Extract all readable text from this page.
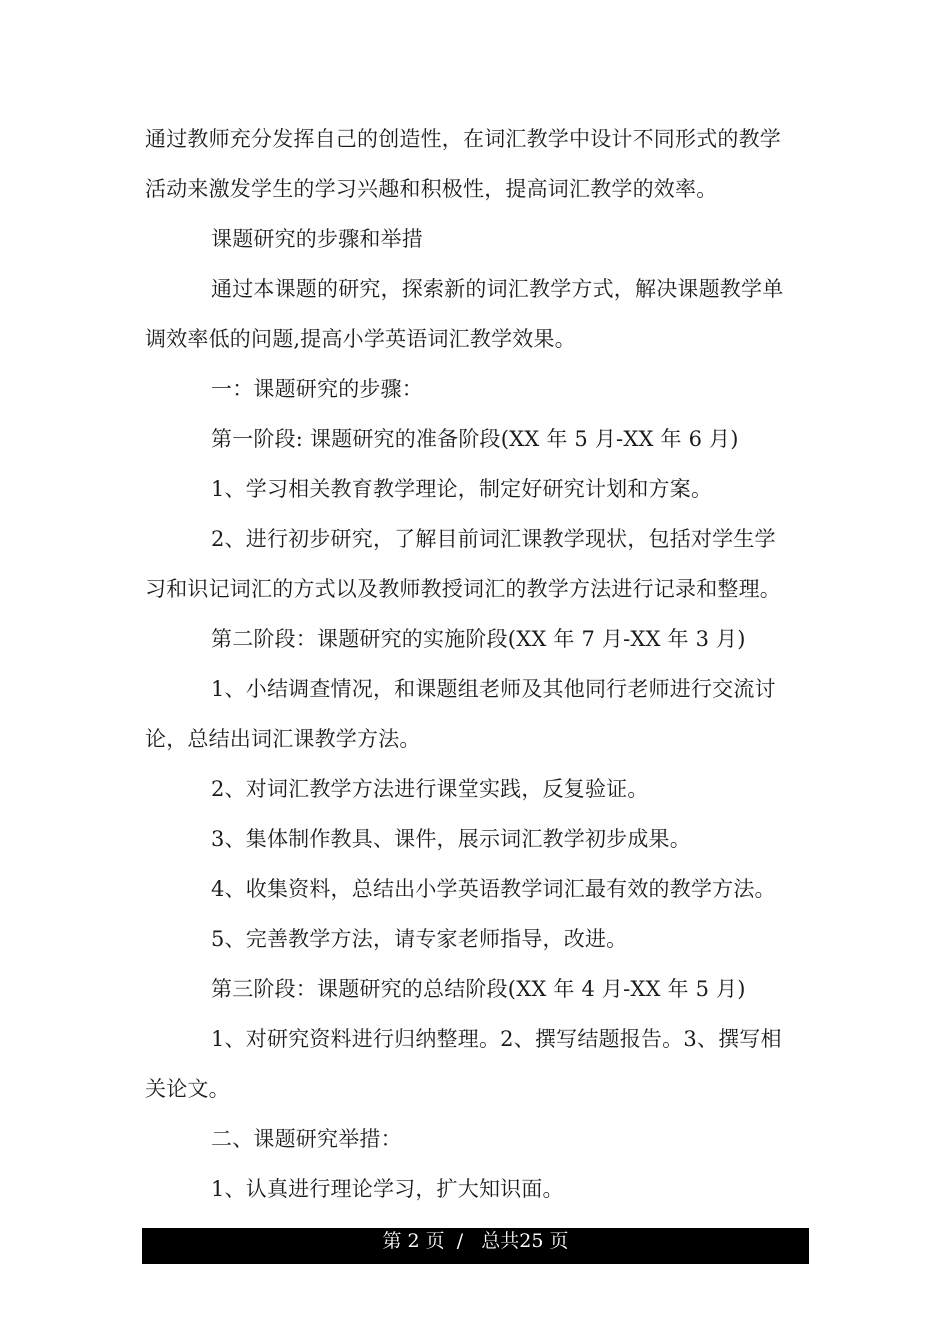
通过教师充分发挥自己的创造性，在词汇教学中设计不同形式的教学
活动来激发学生的学习兴趣和积极性，提高词汇教学的效率。
课题研究的步骤和举措
通过本课题的研究，探索新的词汇教学方式，解决课题教学单
调效率低的问题,提高小学英语词汇教学效果。
一：课题研究的步骤：
第一阶段: 课题研究的准备阶段(XX 年 5 月-XX 年 6 月)
1、学习相关教育教学理论，制定好研究计划和方案。
2、进行初步研究，了解目前词汇课教学现状，包括对学生学
习和识记词汇的方式以及教师教授词汇的教学方法进行记录和整理。
第二阶段：课题研究的实施阶段(XX 年 7 月-XX 年 3 月)
1、小结调查情况，和课题组老师及其他同行老师进行交流讨
论，总结出词汇课教学方法。
2、对词汇教学方法进行课堂实践，反复验证。
3、集体制作教具、课件，展示词汇教学初步成果。
4、收集资料，总结出小学英语教学词汇最有效的教学方法。
5、完善教学方法，请专家老师指导，改进。
第三阶段：课题研究的总结阶段(XX 年 4 月-XX 年 5 月)
1、对研究资料进行归纳整理。2、撰写结题报告。3、撰写相
关论文。
二、课题研究举措：
1、认真进行理论学习，扩大知识面。
第 2 页  /   总共25 页
